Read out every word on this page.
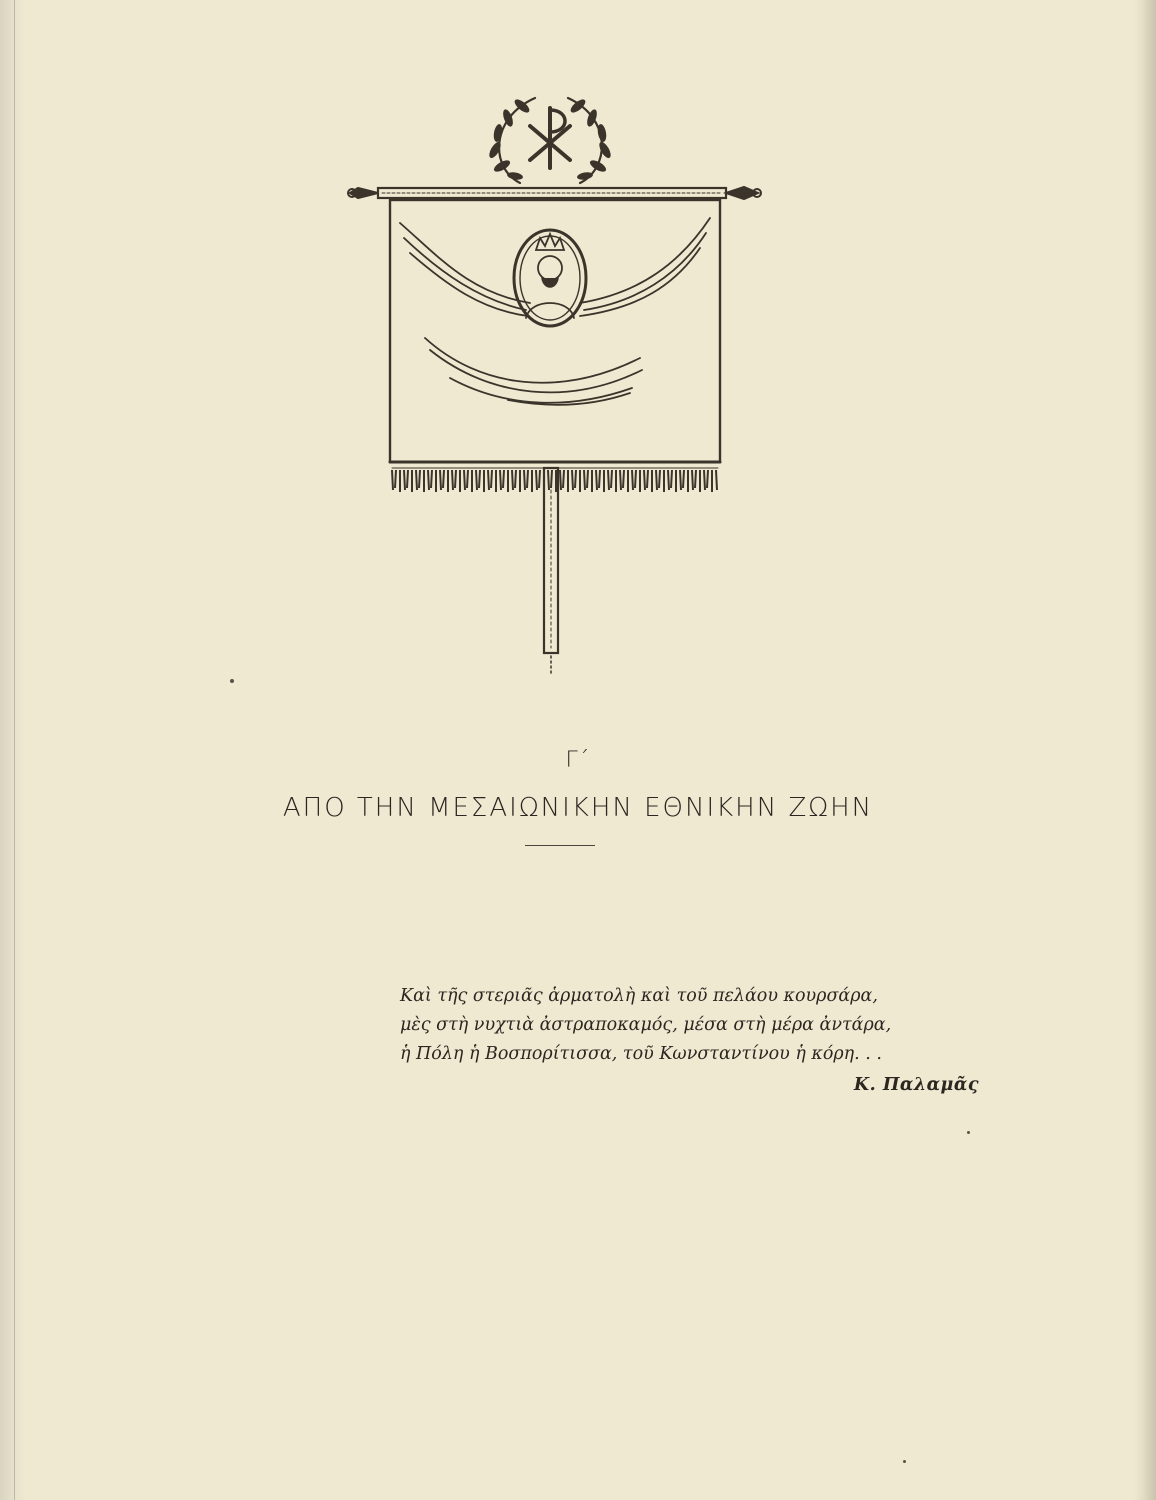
Γ΄
ΑΠΟ ΤΗΝ ΜΕΣΑΙΩΝΙΚΗΝ ΕΘΝΙΚΗΝ ΖΩΗΝ
Καὶ τῆς στεριᾶς ἁρματολὴ καὶ τοῦ πελάου κουρσάρα,
μὲς στὴ νυχτιὰ ἀστραποκαμός, μέσα στὴ μέρα ἀντάρα,
ἡ Πόλη ἡ Βοσπορίτισσα, τοῦ Κωνσταντίνου ἡ κόρη. . .
Κ. Παλαμᾶς
